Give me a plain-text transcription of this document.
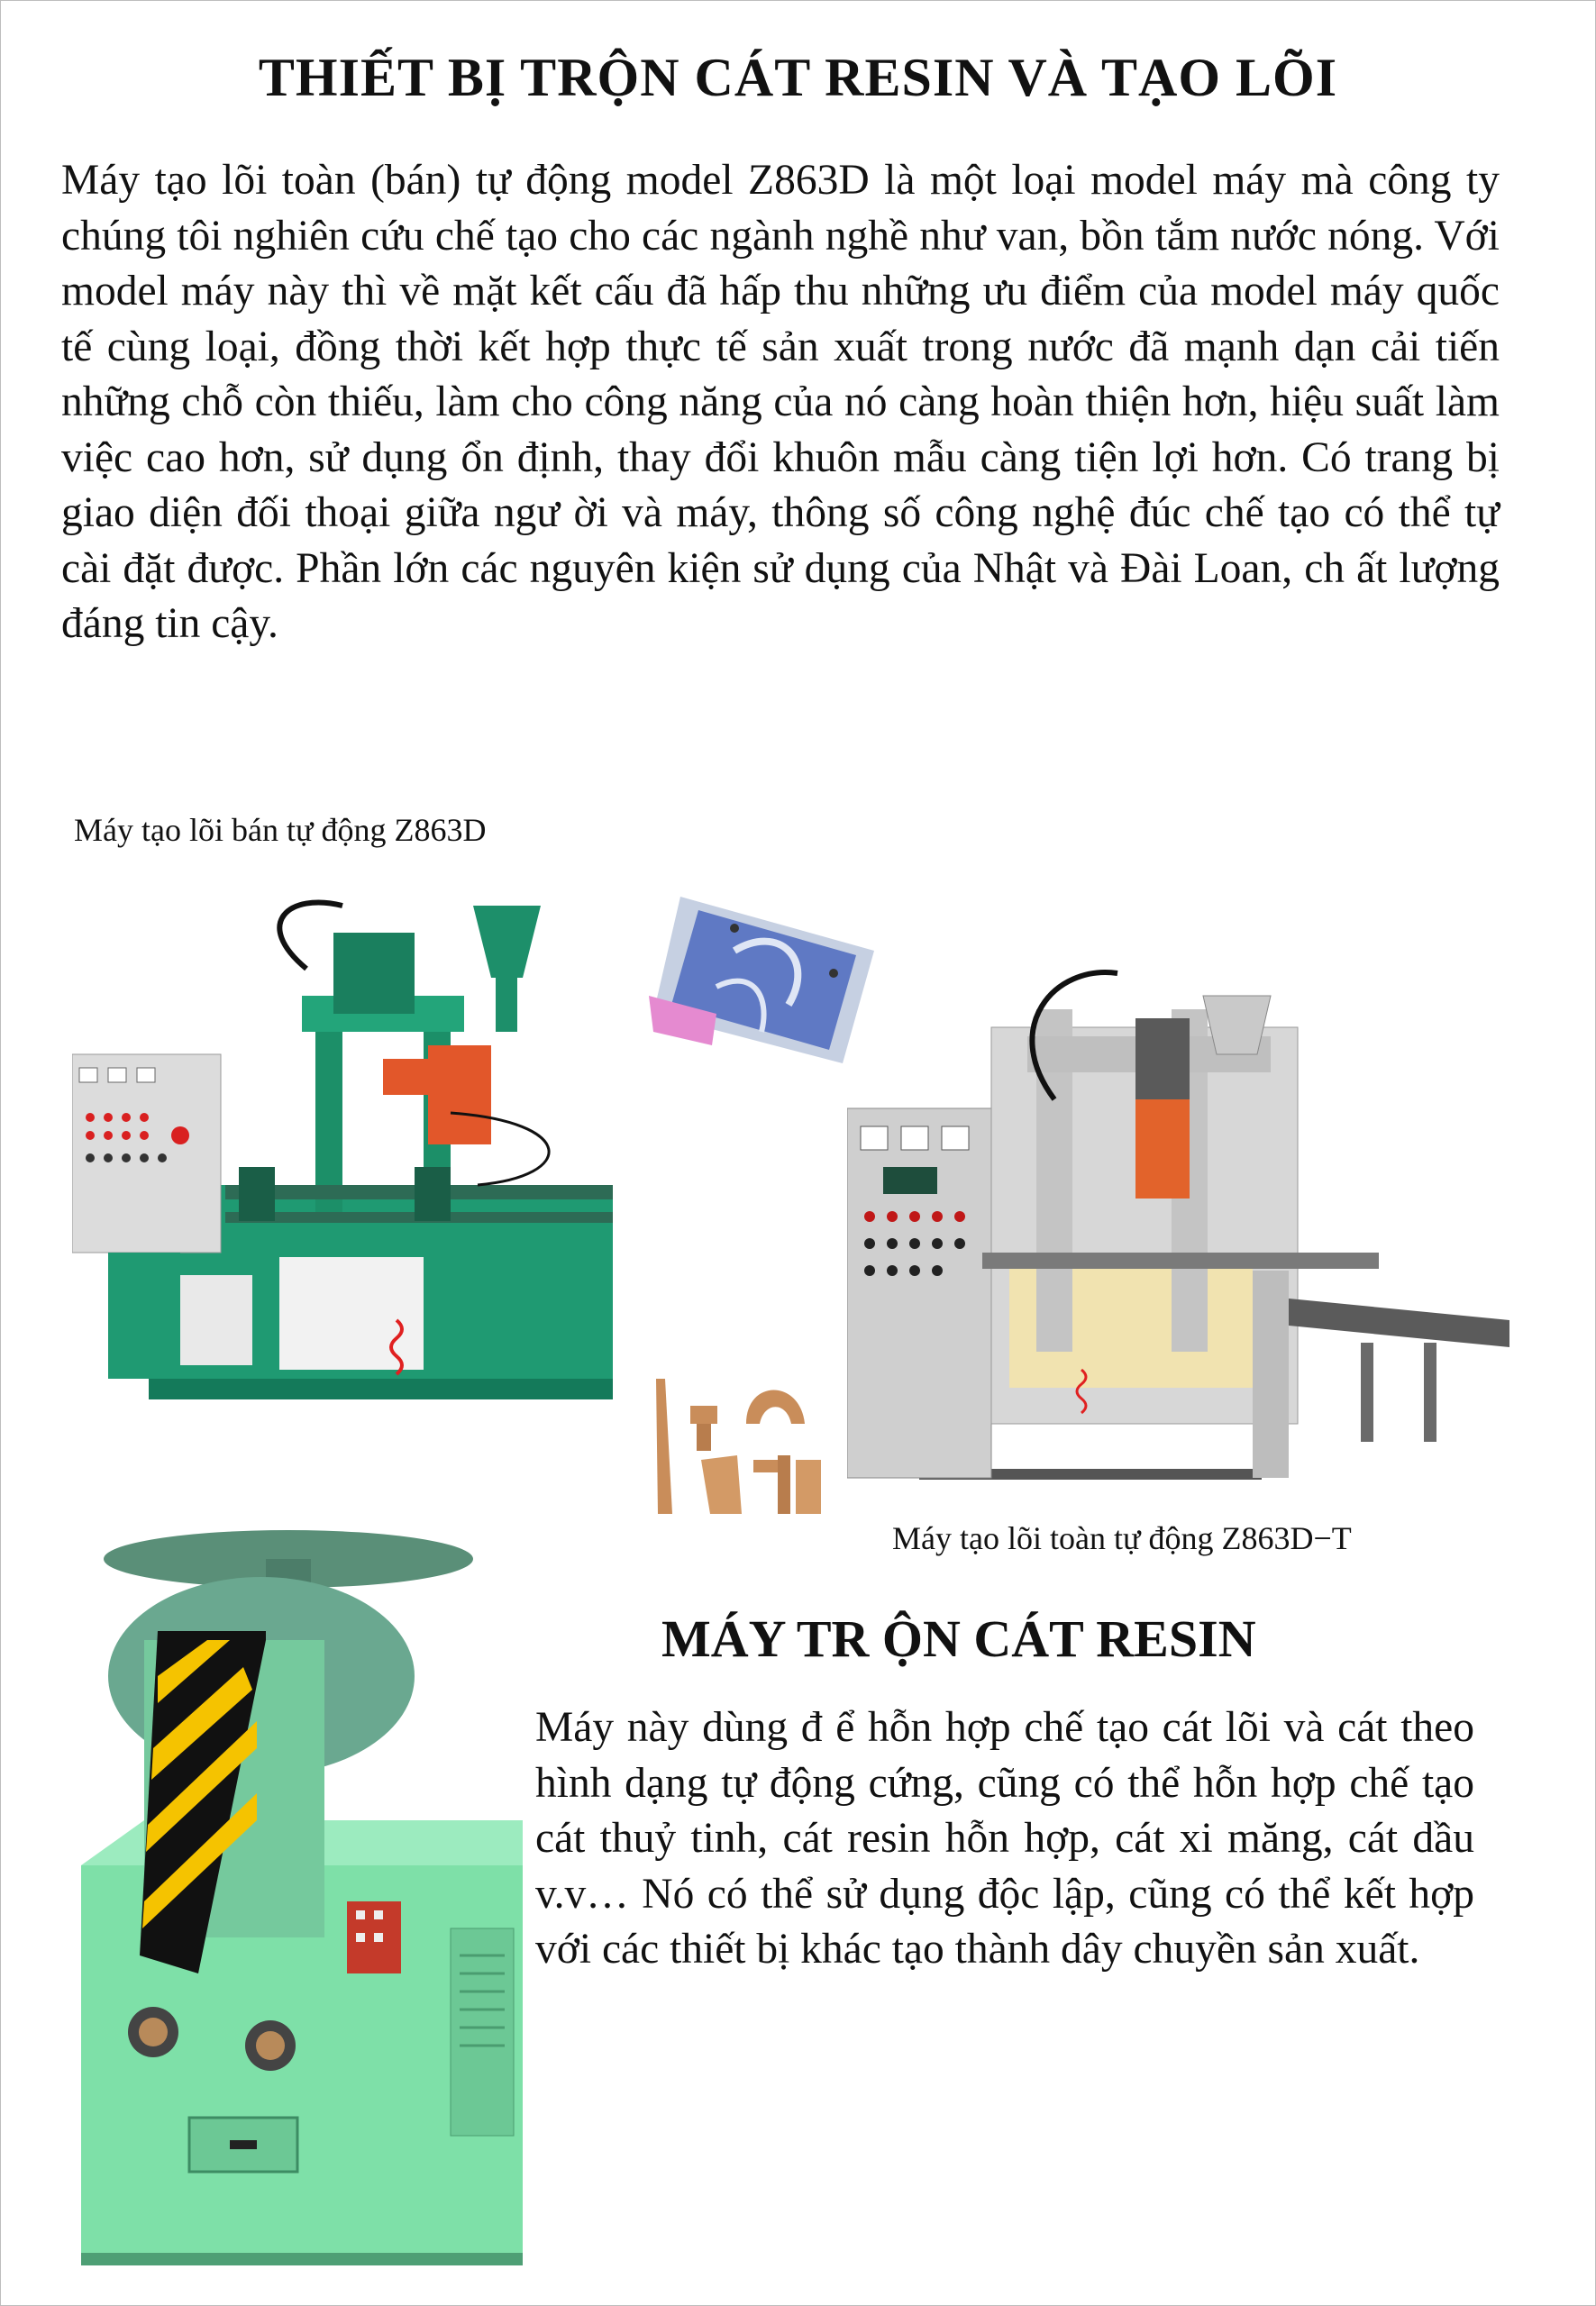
THIẾT BỊ TRỘN CÁT RESIN VÀ TẠO LÕI

Máy tạo lõi toàn (bán) tự động model Z863D là một loại model máy mà công ty chúng tôi nghiên cứu chế tạo cho các ngành nghề như van, bồn tắm nước nóng. Với model máy này thì về mặt kết cấu đã hấp thu những ưu điểm của model máy quốc tế cùng loại, đồng thời kết hợp thực tế sản xuất trong nước đã mạnh dạn cải tiến những chỗ còn thiếu, làm cho công năng của nó càng hoàn thiện hơn, hiệu suất làm việc cao hơn, sử dụng ổn định, thay đổi khuôn mẫu càng tiện lợi hơn. Có trang bị giao diện đối thoại giữa ngư ời và máy, thông số công nghệ đúc chế tạo có thể tự cài đặt được. Phần lớn các nguyên kiện sử dụng của Nhật và Đài Loan, ch ất lượng đáng tin cậy.

Máy tạo lõi bán tự động Z863D
Máy tạo lõi toàn tự động Z863D−T
MÁY TR ỘN CÁT RESIN

Máy này dùng đ ể hỗn hợp chế tạo cát lõi và cát theo hình dạng tự động cứng, cũng có thể hỗn hợp chế tạo cát thuỷ tinh, cát resin hỗn hợp, cát xi măng, cát dầu v.v… Nó có thể sử dụng độc lập, cũng có thể kết hợp với các thiết bị khác tạo thành dây chuyền sản xuất.
